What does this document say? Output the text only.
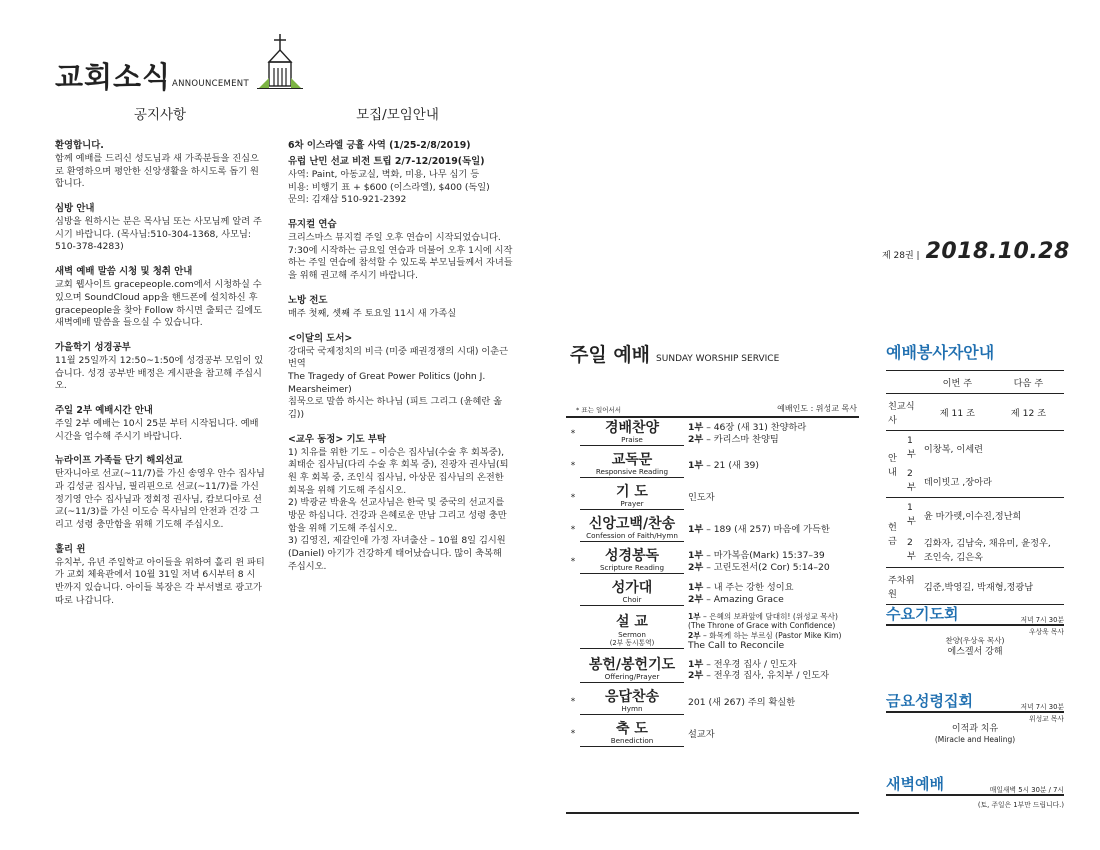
교회소식 ANNOUNCEMENT
공지사항	모집/모임안내
환영합니다.

함께 예배를 드리신 성도님과 새 가족분들을 진심으로 환영하으며 평안한 신앙생활을 하시도록 돕기 원합니다.

심방 안내

심방을 원하시는 분은 목사님 또는 사모님께 알려 주시기 바랍니다. (목사님:510-304-1368, 사모님: 510-378-4283)

새벽 예배 말씀 시청 및 청취 안내

교회 웹사이트 gracepeople.com에서 시청하실 수 있으며 SoundCloud app을 핸드폰에 설치하신 후 gracepeople을 찾아 Follow 하시면 출퇴근 길에도 새벽예배 말씀을 들으실 수 있습니다.

가을학기 성경공부

11월 25일까지 12:50~1:50에 성경공부 모임이 있습니다. 성경 공부반 배정은 게시판을 참고해 주십시오.

주일 2부 예배시간 안내

주일 2부 예배는 10시 25분 부터 시작됩니다. 예배 시간을 엄수해 주시기 바랍니다.

뉴라이프 가족들 단기 해외선교

탄자니아로 선교(~11/7)를 가신 송영우 안수 집사님과 김성균 집사님, 필리핀으로 선교(~11/7)를 가신 정기영 안수 집사님과 정회정 권사님, 캄보디아로 선교(~11/3)를 가신 이도승 목사님의 안전과 건강 그리고 성령 충만함을 위해 기도해 주십시오.

홀리 윈

유치부, 유년 주일학교 아이들을 위하여 홀리 윈 파티가 교회 체육관에서 10월 31일 저녁 6시부터 8 시 반까지 있습니다. 아이들 복장은 각 부서별로 광고가 따로 나갑니다.

6차 이스라엘 긍휼 사역 (1/25-2/8/2019)
유럽 난민 선교 비전 트립 2/7-12/2019(독일)

사역: Paint, 아동교실, 벽화, 미용, 나무 심기 등

비용: 비행기 표 + $600 (이스라엘), $400 (독일)

문의: 김재삼 510-921-2392

뮤지컬 연습

크리스마스 뮤지컬 주일 오후 연습이 시작되었습니다. 7:30에 시작하는 금요일 연습과 더불어 오후 1시에 시작하는 주일 연습에 참석할 수 있도록 부모님들께서 자녀들을 위해 권고해 주시기 바랍니다.

노방 전도

매주 첫째, 셋째 주 토요일 11시 새 가족실

<이달의 도서>

강대국 국제정치의 비극 (미중 패권경쟁의 시대) 이춘근 번역

The Tragedy of Great Power Politics (John J. Mearsheimer)

침묵으로 말씀 하시는 하나님 (피트 그리그 (윤혜란 옮김))

<교우 동정> 기도 부탁

1) 치유를 위한 기도 – 이승은 집사님(수술 후 회복중), 최태순 집사님(다리 수술 후 회복 중), 진광자 권사님(퇴원 후 회복 중, 조인식 집사님, 아상문 집사님의 온전한 회복을 위해 기도해 주십시오.

2) 박광균 박윤옥 선교사님은 한국 및 중국의 선교지를 방문 하십니다. 건강과 은혜로운 만남 그리고 성령 충만함을 위해 기도해 주십시오.

3) 김영진, 제갈인애 가정 자녀출산 – 10월 8일 김시원(Daniel) 아기가 건강하게 태어났습니다. 많이 축복해 주십시오.

제 28권 | 2018.10.28
주일 예배 SUNDAY WORSHIP SERVICE
* 표는 일어서서	예배인도 : 위성교 목사
*	경배찬양
Praise
1부 – 46장 (새 31) 찬양하라
2부 – 카리스마 찬양팀
*	교독문
Responsive Reading
1부 – 21 (새 39)
*	기 도
Prayer
인도자
* 신앙고백/찬송
Confession of Faith/Hymn
1부 – 189 (새 257) 마음에 가득한
*	성경봉독
Scripture Reading
1부 – 마가복음(Mark) 15:37–39
2부 – 고린도전서(2 Cor) 5:14–20
성가대
Choir
1부 – 내 주는 강한 성이요
2부 – Amazing Grace
설 교
Sermon
(2부 동시통역)
1부 – 은혜의 보좌앞에 담대히! (위성교 목사)
(The Throne of Grace with Confidence)
2부 – 화목케 하는 부르심 (Pastor Mike Kim)
The Call to Reconcile
봉헌/봉헌기도
Offering/Prayer
1부 – 전우경 집사 / 인도자
2부 – 전우경 집사, 유치부 / 인도자
*	응답찬송
Hymn
201 (새 267) 주의 확실한
*	축 도
Benediction
설교자
예배봉사자안내
		이번 주	다음 주
친교식사		제 11 조	제 12 조
안내	1부	이창복, 이세련	
	2부	데이빗고 ,장아라	
헌금	1부	윤 마가렛,이수진,정난희	
	2부	김화자, 김남숙, 채유미, 윤정우, 조인숙, 김은옥	
주차위원		김준,박영길, 박재형,정광남	
수요기도회	저녁 7시 30분
우상욱 목사
찬양(우상욱 목사)
에스겔서 강해
금요성령집회	저녁 7시 30분
위성교 목사
이적과 치유
(Miracle and Healing)
새벽예배	매일새벽 5시 30분 / 7시
(토, 주일은 1부만 드립니다.)
